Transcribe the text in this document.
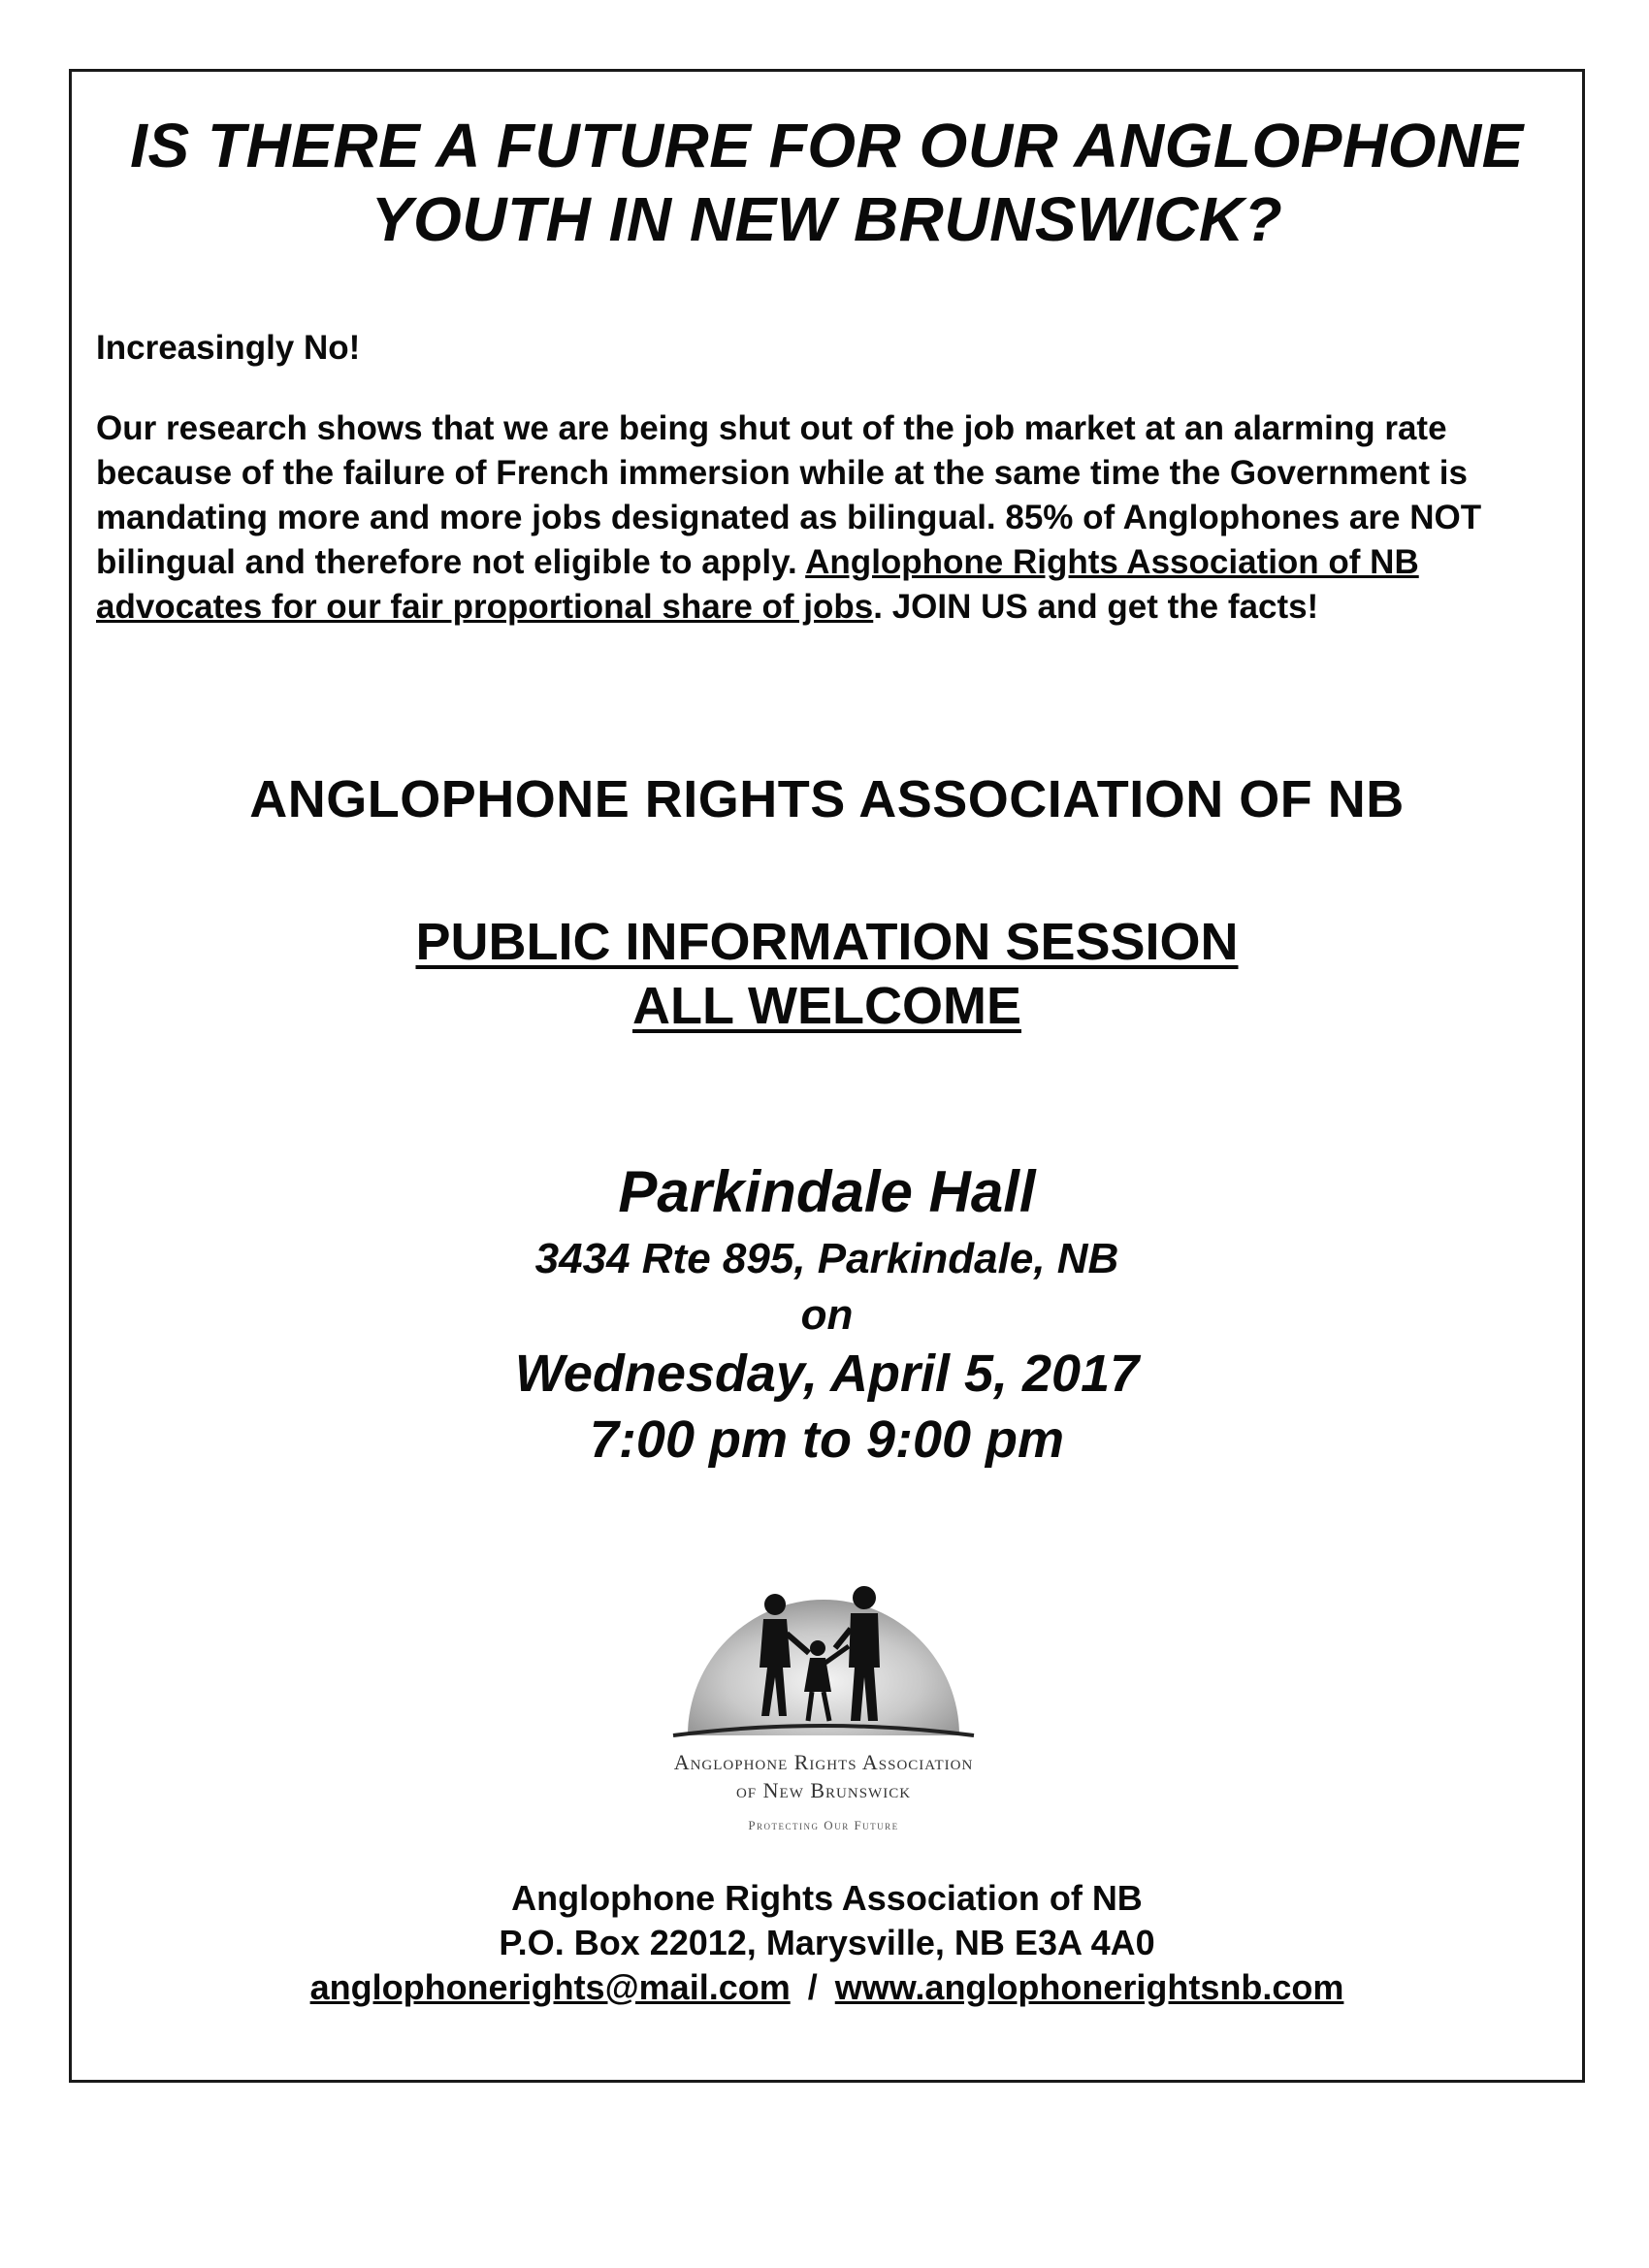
IS THERE A FUTURE FOR OUR ANGLOPHONE
YOUTH IN NEW BRUNSWICK?
Increasingly No!
Our research shows that we are being shut out of the job market at an alarming rate because of the failure of French immersion while at the same time the Government is mandating more and more jobs designated as bilingual. 85% of Anglophones are NOT bilingual and therefore not eligible to apply. Anglophone Rights Association of NB advocates for our fair proportional share of jobs. JOIN US and get the facts!
ANGLOPHONE RIGHTS ASSOCIATION OF NB
PUBLIC INFORMATION SESSION
ALL WELCOME
Parkindale Hall
3434 Rte 895, Parkindale, NB
on
Wednesday, April 5, 2017
7:00 pm to 9:00 pm
Anglophone Rights Association
of New Brunswick
Protecting Our Future
Anglophone Rights Association of NB
P.O. Box 22012, Marysville, NB E3A 4A0
anglophonerights@mail.com / www.anglophonerightsnb.com
